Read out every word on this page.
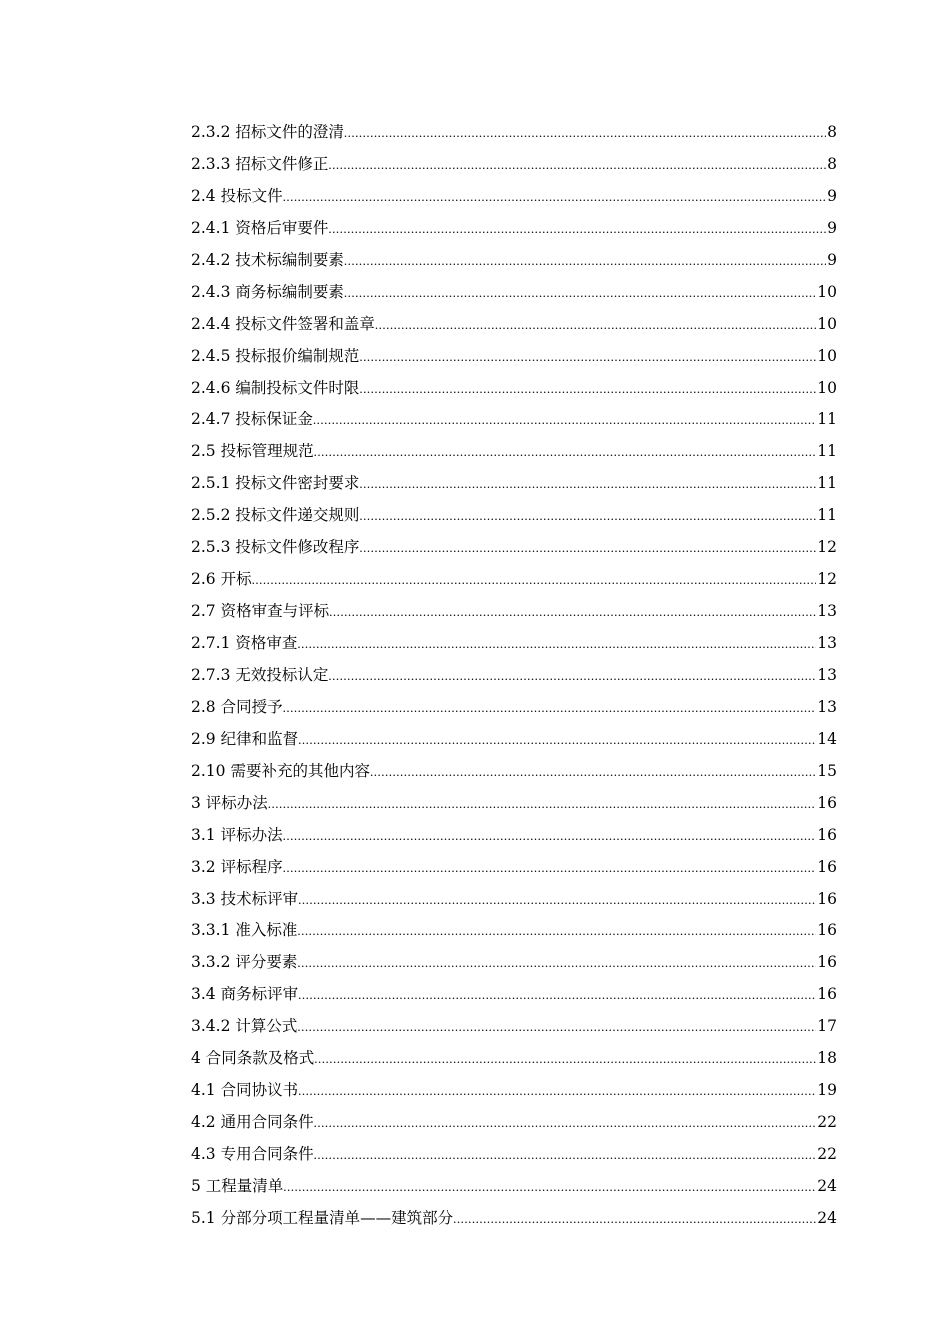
2.3.2 招标文件的澄清 .....	8
2.3.3 招标文件修正 .....	8
2.4 投标文件 .....	9
2.4.1 资格后审要件 .....	9
2.4.2 技术标编制要素 .....	9
2.4.3 商务标编制要素 .....	10
2.4.4 投标文件签署和盖章 .....	10
2.4.5 投标报价编制规范 .....	10
2.4.6 编制投标文件时限 .....	10
2.4.7 投标保证金 .....	11
2.5 投标管理规范 .....	11
2.5.1 投标文件密封要求 .....	11
2.5.2 投标文件递交规则 .....	11
2.5.3 投标文件修改程序 .....	12
2.6 开标 .....	12
2.7 资格审查与评标 .....	13
2.7.1 资格审查 .....	13
2.7.3 无效投标认定 .....	13
2.8 合同授予 .....	13
2.9 纪律和监督 .....	14
2.10 需要补充的其他内容 .....	15
3 评标办法 .....	16
3.1 评标办法 .....	16
3.2 评标程序 .....	16
3.3 技术标评审 .....	16
3.3.1 准入标准 .....	16
3.3.2 评分要素 .....	16
3.4 商务标评审 .....	16
3.4.2 计算公式 .....	17
4 合同条款及格式 .....	18
4.1 合同协议书 .....	19
4.2 通用合同条件 .....	22
4.3 专用合同条件 .....	22
5 工程量清单 .....	24
5.1 分部分项工程量清单——建筑部分 .....	24
